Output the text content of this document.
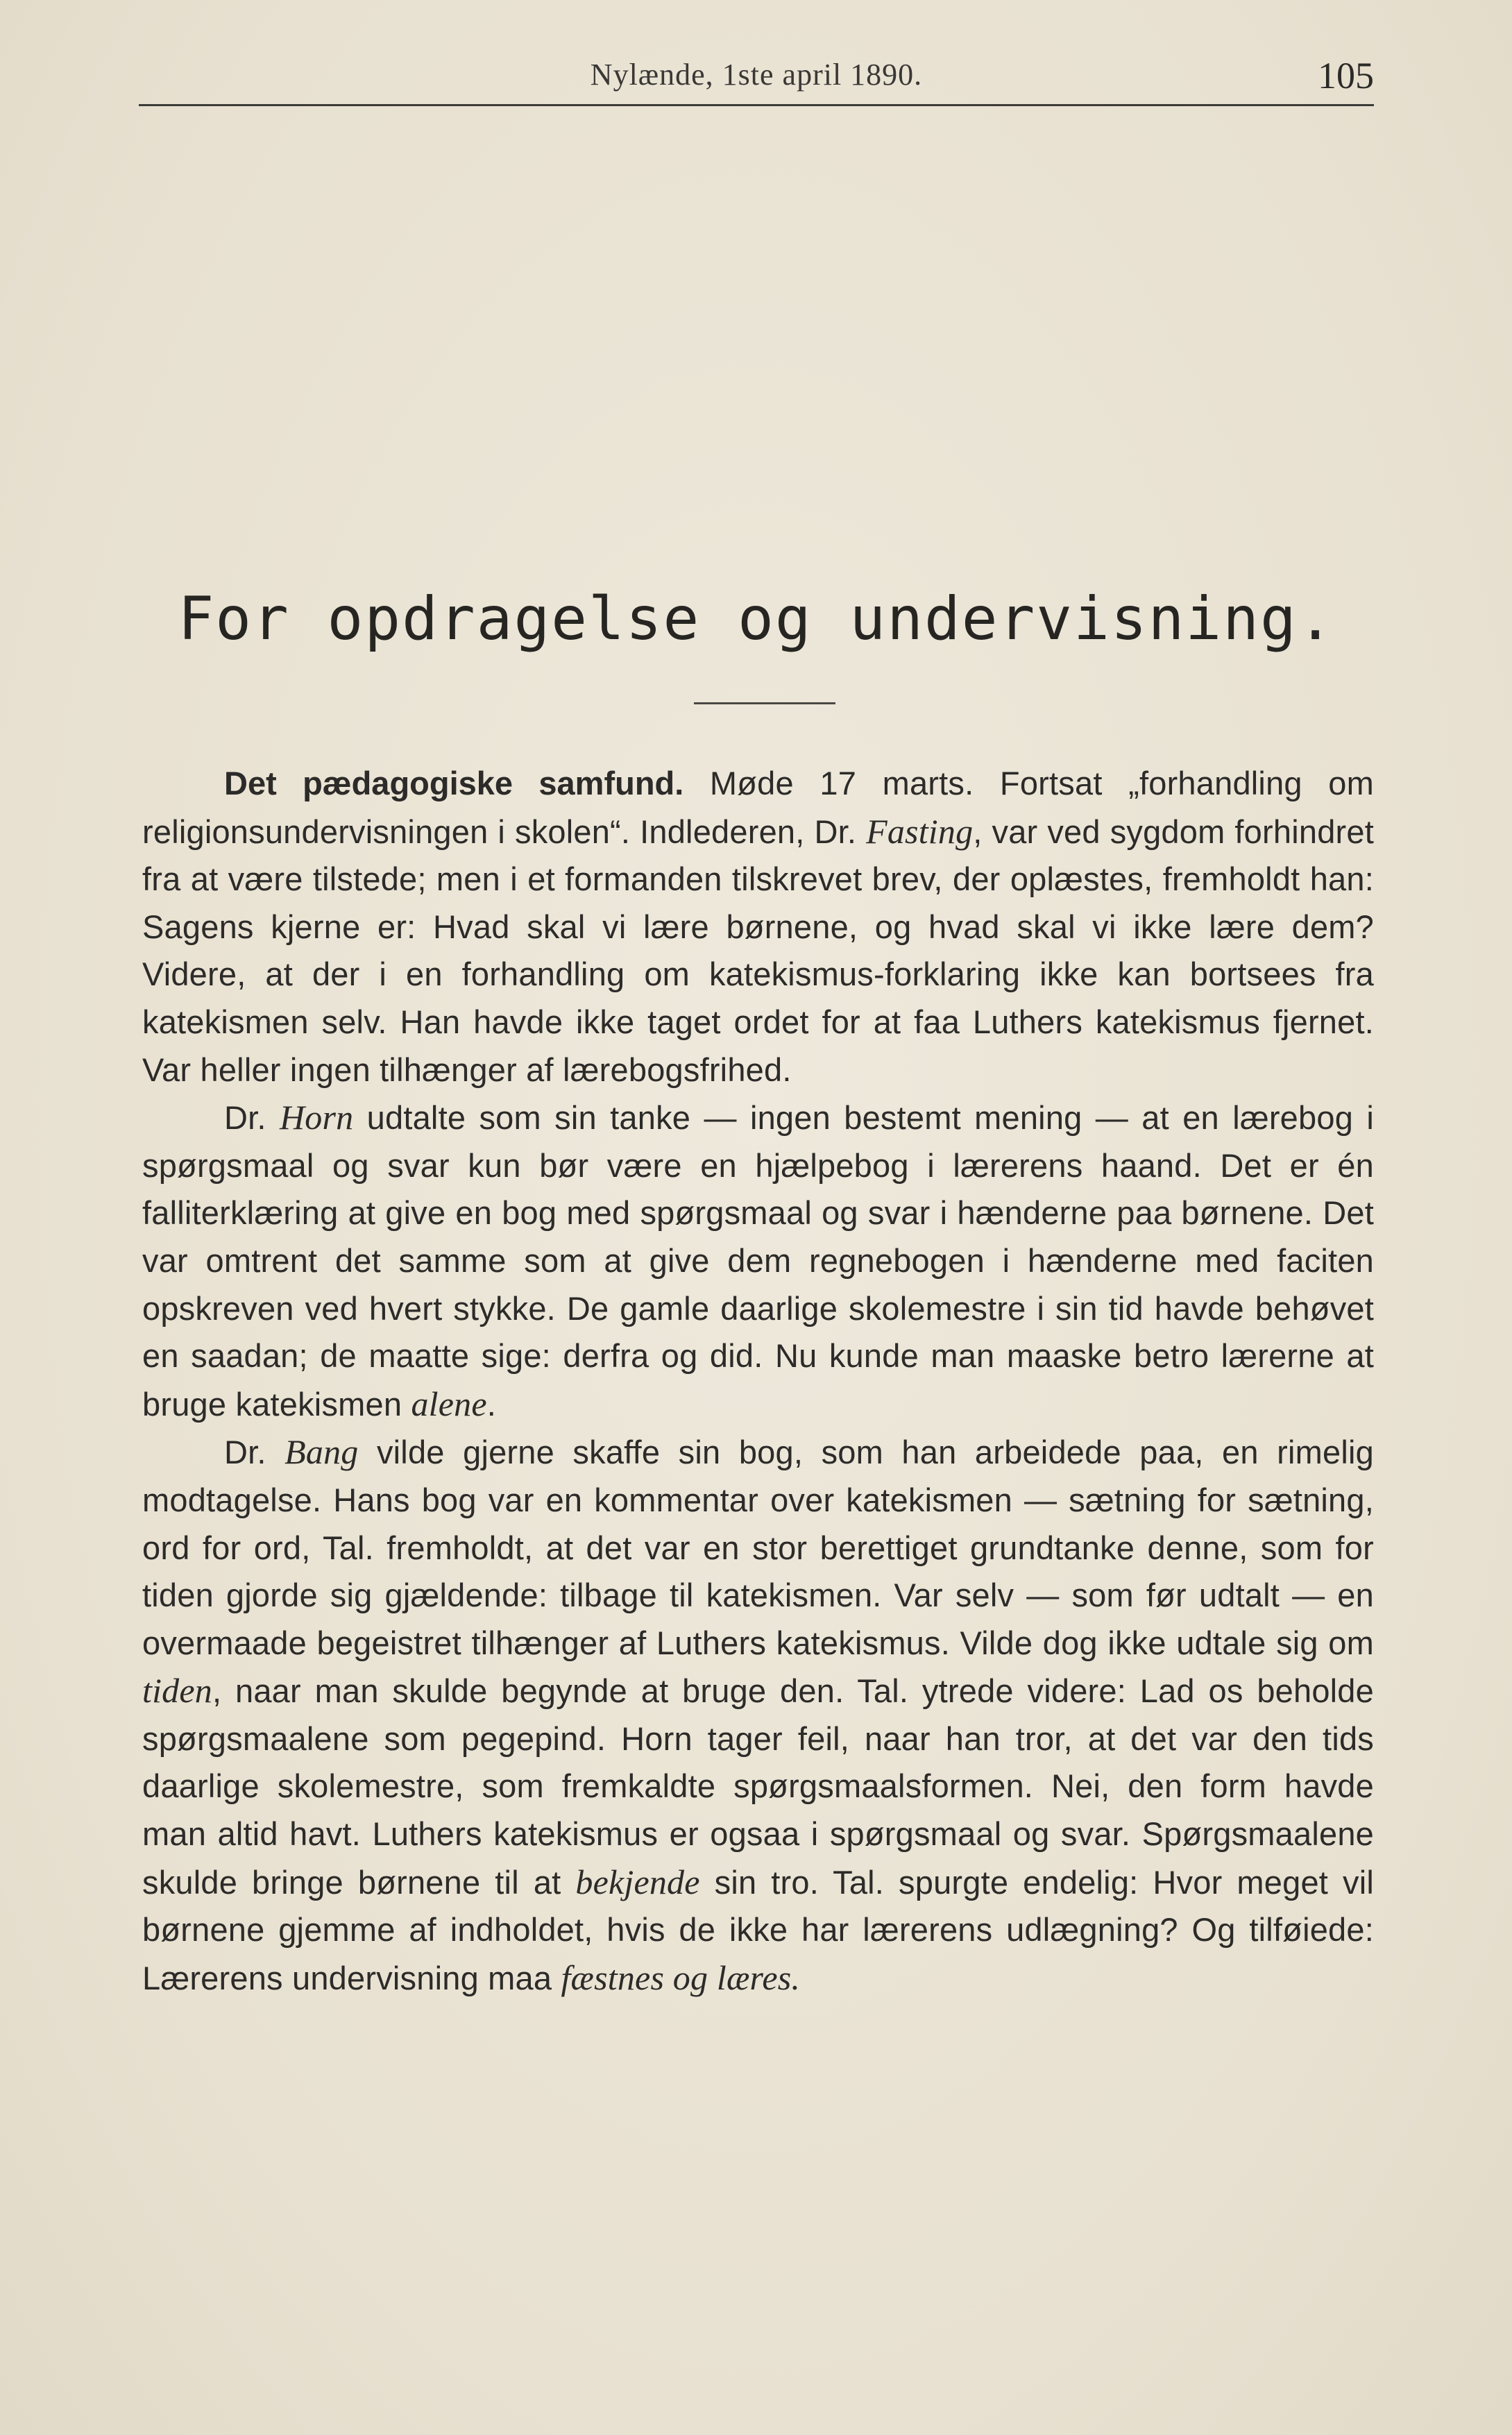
Nylænde, 1ste april 1890.	105
For opdragelse og undervisning.

Det pædagogiske samfund. Møde 17 marts. Fortsat „forhandling om religionsundervisningen i skolen“. Indlederen, Dr. Fasting, var ved sygdom forhindret fra at være tilstede; men i et formanden tilskrevet brev, der oplæstes, fremholdt han: Sagens kjerne er: Hvad skal vi lære børnene, og hvad skal vi ikke lære dem? Videre, at der i en forhandling om katekismus-forklaring ikke kan bortsees fra katekismen selv. Han havde ikke taget ordet for at faa Luthers katekismus fjernet. Var heller ingen tilhænger af lærebogsfrihed.

Dr. Horn udtalte som sin tanke — ingen bestemt mening — at en lærebog i spørgsmaal og svar kun bør være en hjælpebog i lærerens haand. Det er én falliterklæring at give en bog med spørgsmaal og svar i hænderne paa børnene. Det var omtrent det samme som at give dem regnebogen i hænderne med faciten opskreven ved hvert stykke. De gamle daarlige skolemestre i sin tid havde behøvet en saadan; de maatte sige: derfra og did. Nu kunde man maaske betro lærerne at bruge katekismen alene.

Dr. Bang vilde gjerne skaffe sin bog, som han arbeidede paa, en rimelig modtagelse. Hans bog var en kommentar over katekismen — sætning for sætning, ord for ord, Tal. fremholdt, at det var en stor berettiget grundtanke denne, som for tiden gjorde sig gjældende: tilbage til katekismen. Var selv — som før udtalt — en overmaade begeistret tilhænger af Luthers katekismus. Vilde dog ikke udtale sig om tiden, naar man skulde begynde at bruge den. Tal. ytrede videre: Lad os beholde spørgsmaalene som pegepind. Horn tager feil, naar han tror, at det var den tids daarlige skolemestre, som fremkaldte spørgsmaalsformen. Nei, den form havde man altid havt. Luthers katekismus er ogsaa i spørgsmaal og svar. Spørgsmaalene skulde bringe børnene til at bekjende sin tro. Tal. spurgte endelig: Hvor meget vil børnene gjemme af indholdet, hvis de ikke har lærerens udlægning? Og tilføiede: Lærerens undervisning maa fæstnes og læres.
